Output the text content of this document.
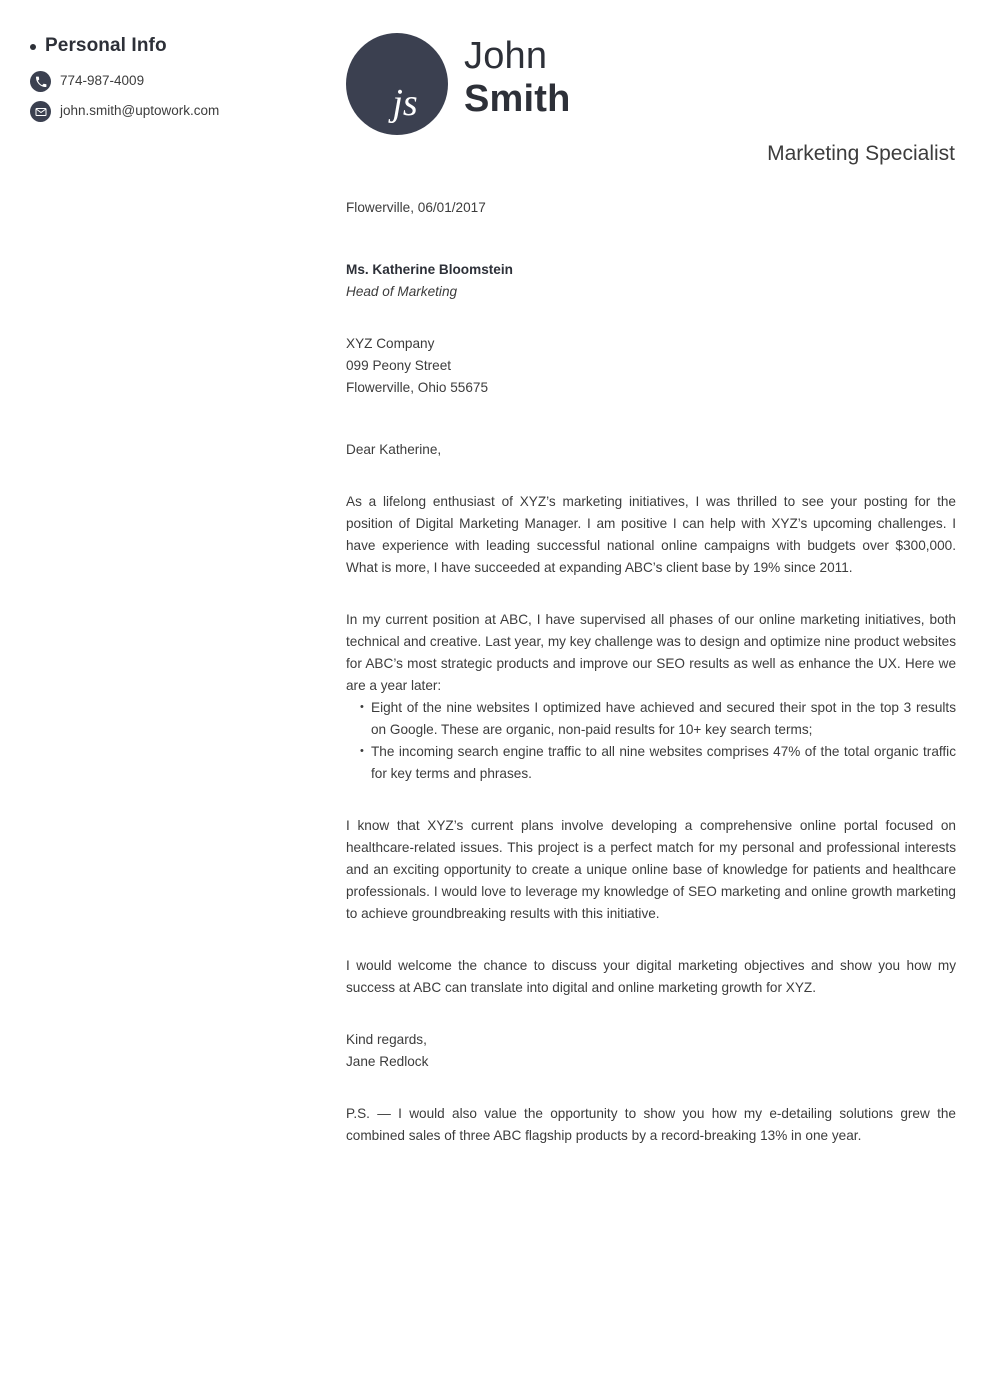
Personal Info
774-987-4009
john.smith@uptowork.com	js
John
Smith
Marketing Specialist
Flowerville, 06/01/2017
Ms. Katherine Bloomstein
Head of Marketing
XYZ Company
099 Peony Street
Flowerville, Ohio 55675
Dear Katherine,

As a lifelong enthusiast of XYZ’s marketing initiatives, I was thrilled to see your posting for the position of Digital Marketing Manager. I am positive I can help with XYZ’s upcoming challenges. I have experience with leading successful national online campaigns with budgets over $300,000. What is more, I have succeeded at expanding ABC’s client base by 19% since 2011.

In my current position at ABC, I have supervised all phases of our online marketing initiatives, both technical and creative. Last year, my key challenge was to design and optimize nine product websites for ABC’s most strategic products and improve our SEO results as well as enhance the UX. Here we are a year later:

• Eight of the nine websites I optimized have achieved and secured their spot in the top 3 results on Google. These are organic, non-paid results for 10+ key search terms;
• The incoming search engine traffic to all nine websites comprises 47% of the total organic traffic for key terms and phrases.

I know that XYZ’s current plans involve developing a comprehensive online portal focused on healthcare-related issues. This project is a perfect match for my personal and professional interests and an exciting opportunity to create a unique online base of knowledge for patients and healthcare professionals. I would love to leverage my knowledge of SEO marketing and online growth marketing to achieve groundbreaking results with this initiative.

I would welcome the chance to discuss your digital marketing objectives and show you how my success at ABC can translate into digital and online marketing growth for XYZ.

Kind regards,
Jane Redlock

P.S. — I would also value the opportunity to show you how my e-detailing solutions grew the combined sales of three ABC flagship products by a record-breaking 13% in one year.
